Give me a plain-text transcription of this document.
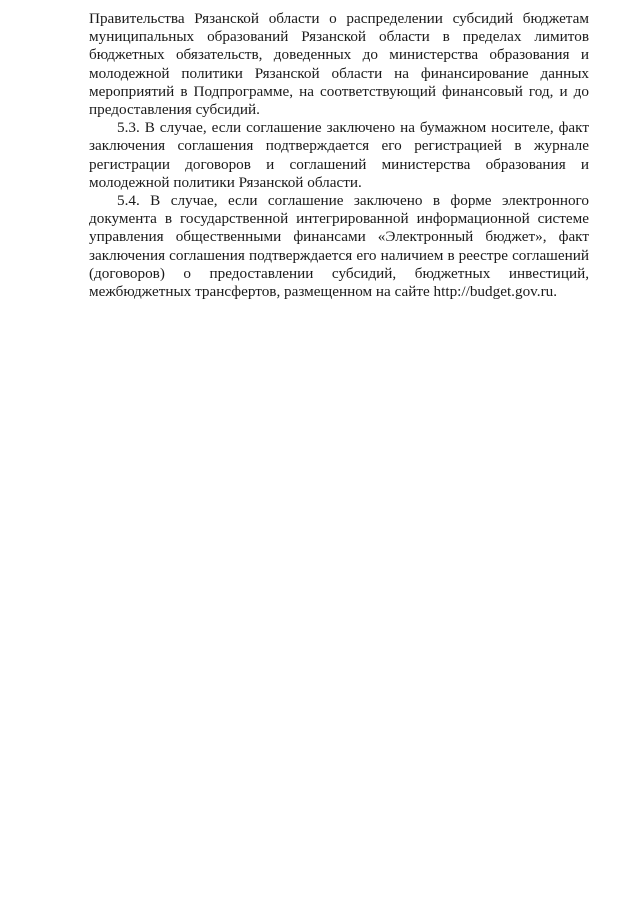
Правительства Рязанской области о распределении субсидий бюджетам
муниципальных образований Рязанской области в пределах лимитов
бюджетных обязательств, доведенных до министерства образования и
молодежной политики Рязанской области на финансирование данных
мероприятий в Подпрограмме, на соответствующий финансовый год, и до
предоставления субсидий.

5.3. В случае, если соглашение заключено на бумажном носителе, факт
заключения соглашения подтверждается его регистрацией в журнале
регистрации договоров и соглашений министерства образования и
молодежной политики Рязанской области.

5.4. В случае, если соглашение заключено в форме электронного
документа в государственной интегрированной информационной системе
управления общественными финансами «Электронный бюджет», факт
заключения соглашения подтверждается его наличием в реестре соглашений
(договоров) о предоставлении субсидий, бюджетных инвестиций,
межбюджетных трансфертов, размещенном на сайте http://budget.gov.ru.
